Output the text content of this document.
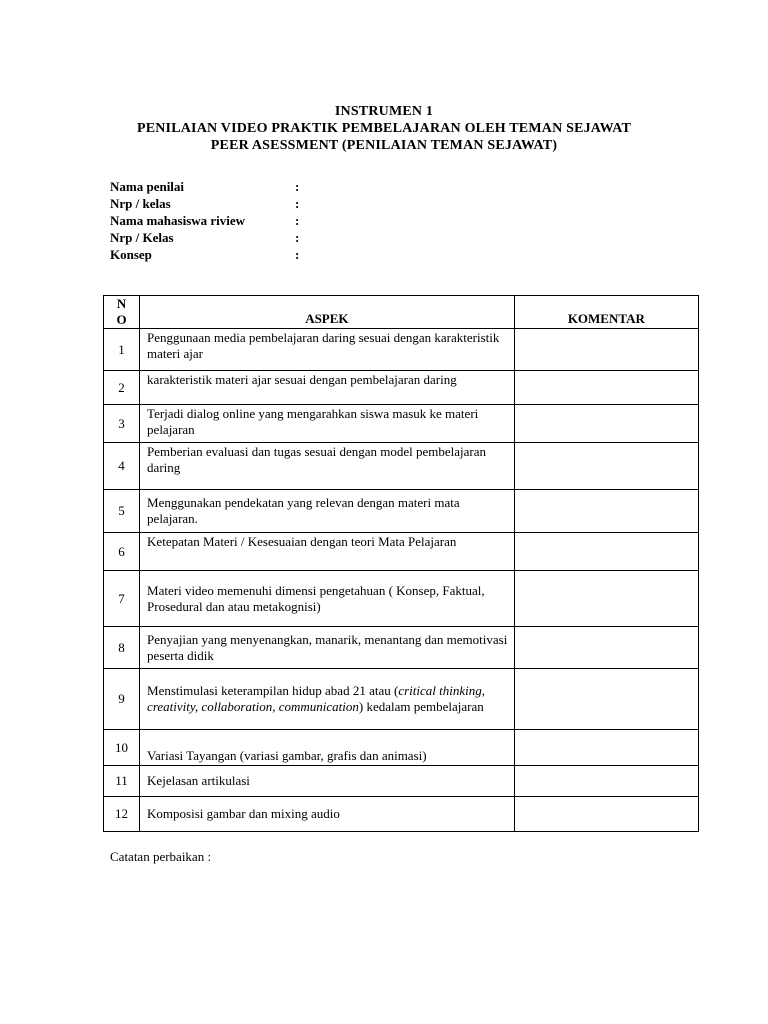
INSTRUMEN 1
PENILAIAN VIDEO PRAKTIK PEMBELAJARAN OLEH TEMAN SEJAWAT
PEER ASESSMENT (PENILAIAN TEMAN SEJAWAT)
Nama penilai	:
Nrp / kelas	:
Nama mahasiswa riview	:
Nrp / Kelas	:
Konsep	:
N
O	ASPEK	KOMENTAR
1	Penggunaan media pembelajaran daring sesuai dengan karakteristik materi ajar	
2	karakteristik materi ajar sesuai dengan pembelajaran daring	
3	Terjadi dialog online yang mengarahkan siswa masuk ke materi pelajaran	
4	Pemberian evaluasi dan tugas sesuai dengan model pembelajaran daring	
5	Menggunakan pendekatan yang relevan dengan materi mata pelajaran.	
6	Ketepatan Materi / Kesesuaian dengan teori Mata Pelajaran	
7	Materi video memenuhi dimensi pengetahuan ( Konsep, Faktual, Prosedural dan atau metakognisi)	
8	Penyajian yang menyenangkan, manarik, menantang dan memotivasi peserta didik	
9	Menstimulasi keterampilan hidup abad 21 atau (critical thinking, creativity, collaboration, communication) kedalam pembelajaran	
10	Variasi Tayangan (variasi gambar, grafis dan animasi)	
11	Kejelasan artikulasi	
12	Komposisi gambar dan mixing audio	
Catatan perbaikan :
